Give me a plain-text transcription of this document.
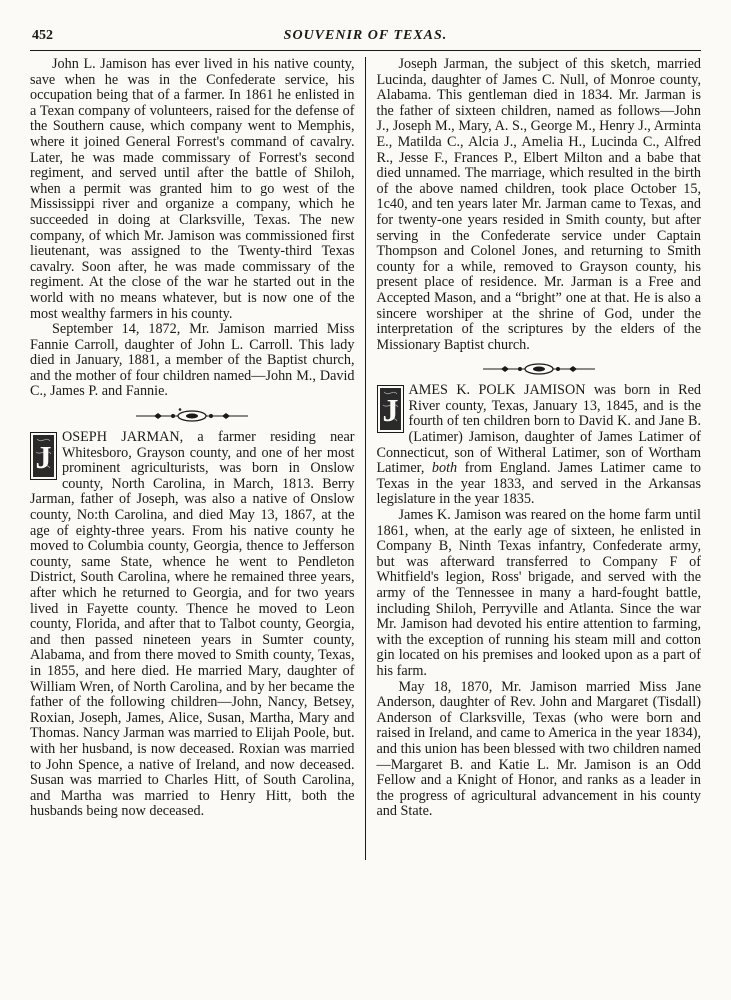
452	SOUVENIR OF TEXAS.

John L. Jamison has ever lived in his native county, save when he was in the Confederate service, his occupation being that of a farmer. In 1861 he enlisted in a Texan company of volunteers, raised for the defense of the Southern cause, which company went to Memphis, where it joined General Forrest's command of cavalry. Later, he was made commissary of Forrest's second regiment, and served until after the battle of Shiloh, when a permit was granted him to go west of the Mississippi river and organize a company, which he succeeded in doing at Clarksville, Texas. The new company, of which Mr. Jamison was commissioned first lieutenant, was assigned to the Twenty-third Texas cavalry. Soon after, he was made commissary of the regiment. At the close of the war he started out in the world with no means whatever, but is now one of the most wealthy farmers in his county.

September 14, 1872, Mr. Jamison married Miss Fannie Carroll, daughter of John L. Carroll. This lady died in January, 1881, a member of the Baptist church, and the mother of four children named—John M., David C., James P. and Fannie.

J
OSEPH JARMAN, a farmer residing near Whitesboro, Grayson county, and one of her most prominent agriculturists, was born in Onslow county, North Carolina, in March, 1813. Berry Jarman, father of Joseph, was also a native of Onslow county, No:th Carolina, and died May 13, 1867, at the age of eighty-three years. From his native county he moved to Columbia county, Georgia, thence to Jefferson county, same State, whence he went to Pendleton District, South Carolina, where he remained three years, after which he returned to Georgia, and for two years lived in Fayette county. Thence he moved to Leon county, Florida, and after that to Talbot county, Georgia, and then passed nineteen years in Sumter county, Alabama, and from there moved to Smith county, Texas, in 1855, and here died. He married Mary, daughter of William Wren, of North Carolina, and by her became the father of the following children—John, Nancy, Betsey, Roxian, Joseph, James, Alice, Susan, Martha, Mary and Thomas. Nancy Jarman was married to Elijah Poole, but. with her husband, is now deceased. Roxian was married to John Spence, a native of Ireland, and now deceased. Susan was married to Charles Hitt, of South Carolina, and Martha was married to Henry Hitt, both the husbands being now deceased.

Joseph Jarman, the subject of this sketch, married Lucinda, daughter of James C. Null, of Monroe county, Alabama. This gentleman died in 1834. Mr. Jarman is the father of sixteen children, named as follows—John J., Joseph M., Mary, A. S., George M., Henry J., Arminta E., Matilda C., Alcia J., Amelia H., Lucinda C., Alfred R., Jesse F., Frances P., Elbert Milton and a babe that died unnamed. The marriage, which resulted in the birth of the above named children, took place October 15, 1c40, and ten years later Mr. Jarman came to Texas, and for twenty-one years resided in Smith county, but after serving in the Confederate service under Captain Thompson and Colonel Jones, and returning to Smith county for a while, removed to Grayson county, his present place of residence. Mr. Jarman is a Free and Accepted Mason, and a “bright” one at that. He is also a sincere worshiper at the shrine of God, under the interpretation of the scriptures by the elders of the Missionary Baptist church.

J
AMES K. POLK JAMISON was born in Red River county, Texas, January 13, 1845, and is the fourth of ten children born to David K. and Jane B. (Latimer) Jamison, daughter of James Latimer of Connecticut, son of Witheral Latimer, son of Wortham Latimer, both from England. James Latimer came to Texas in the year 1833, and served in the Arkansas legislature in the year 1835.

James K. Jamison was reared on the home farm until 1861, when, at the early age of sixteen, he enlisted in Company B, Ninth Texas infantry, Confederate army, but was afterward transferred to Company F of Whitfield's legion, Ross' brigade, and served with the army of the Tennessee in many a hard-fought battle, including Shiloh, Perryville and Atlanta. Since the war Mr. Jamison had devoted his entire attention to farming, with the exception of running his steam mill and cotton gin located on his premises and looked upon as a part of his farm.

May 18, 1870, Mr. Jamison married Miss Jane Anderson, daughter of Rev. John and Margaret (Tisdall) Anderson of Clarksville, Texas (who were born and raised in Ireland, and came to America in the year 1834), and this union has been blessed with two children named—Margaret B. and Katie L. Mr. Jamison is an Odd Fellow and a Knight of Honor, and ranks as a leader in the progress of agricultural advancement in his county and Stat⁠e.
